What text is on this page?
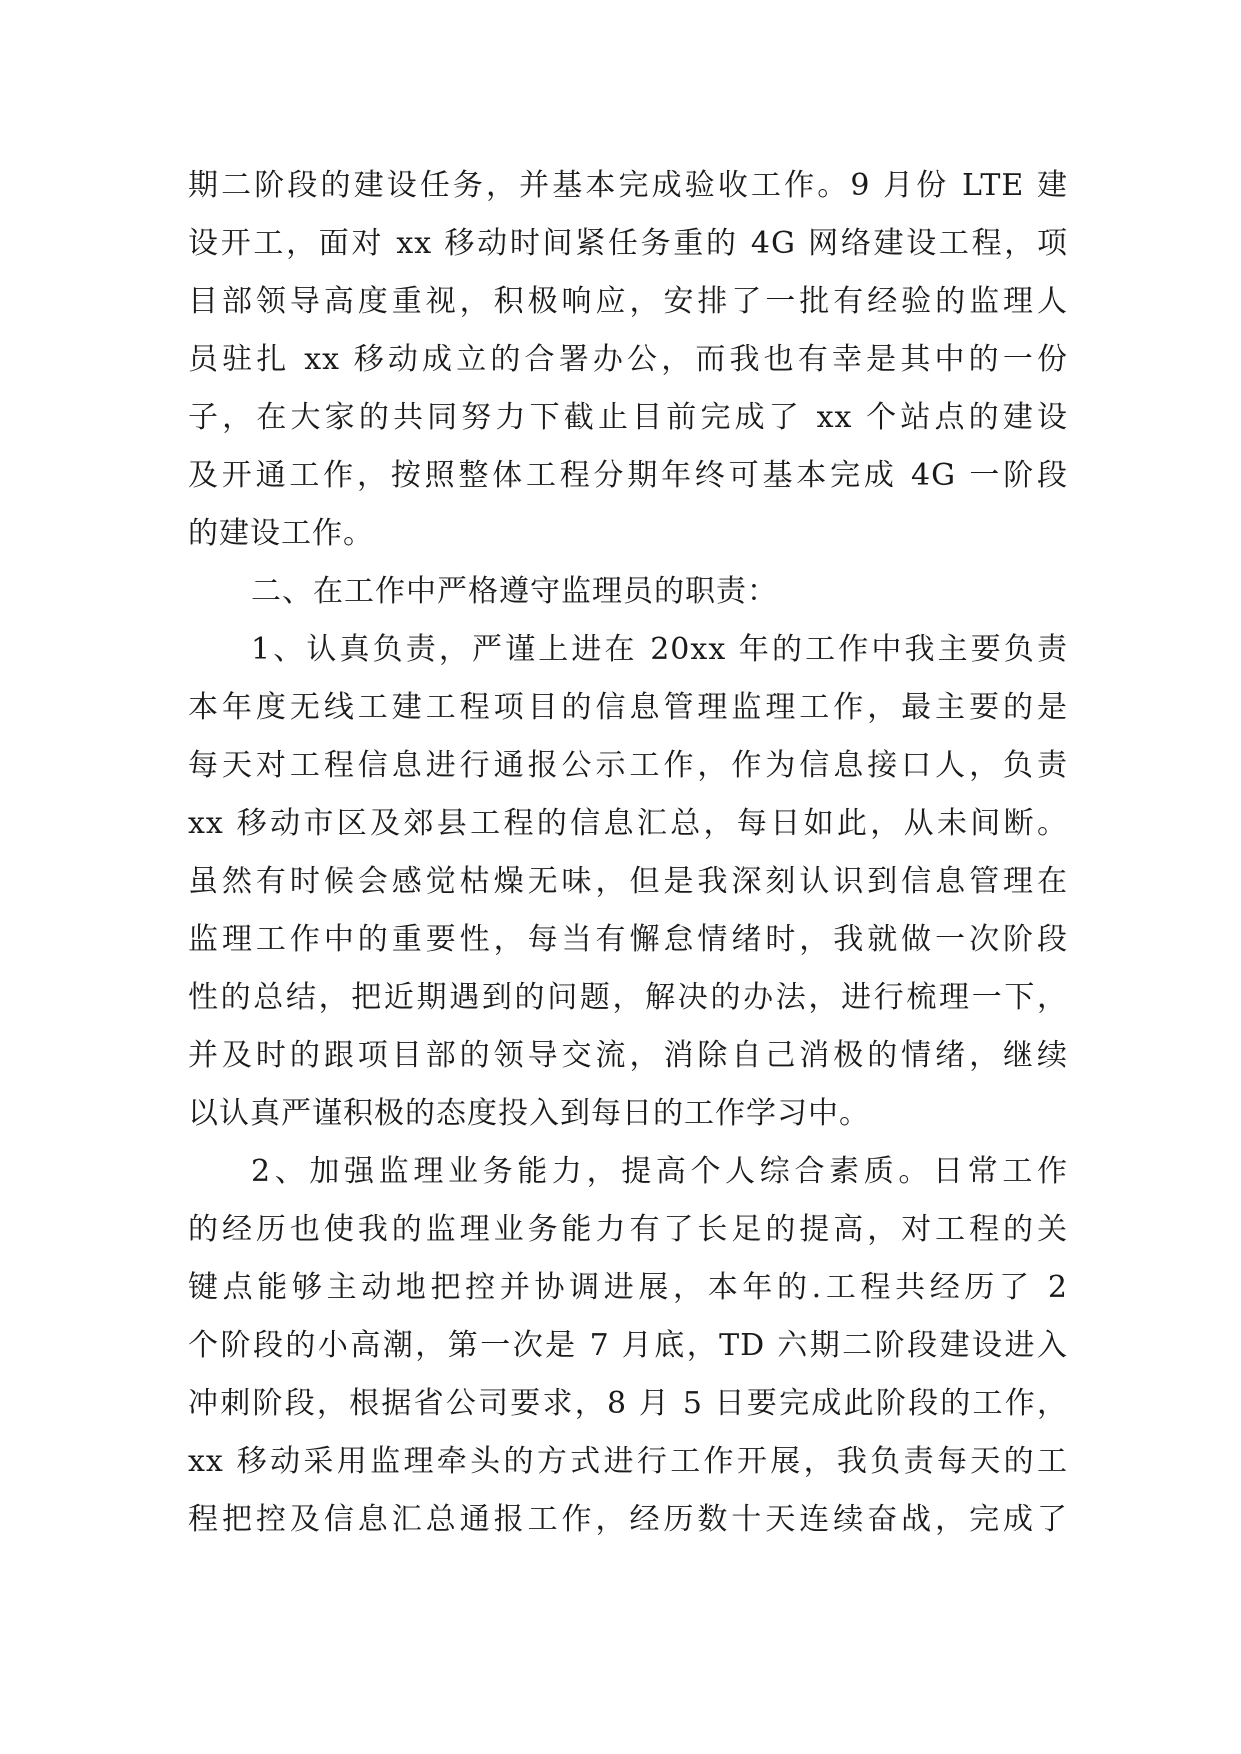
期二阶段的建设任务，并基本完成验收工作。9 月份 LTE 建
设开工，面对 xx 移动时间紧任务重的 4G 网络建设工程，项
目部领导高度重视，积极响应，安排了一批有经验的监理人
员驻扎 xx 移动成立的合署办公，而我也有幸是其中的一份
子，在大家的共同努力下截止目前完成了 xx 个站点的建设
及开通工作，按照整体工程分期年终可基本完成 4G 一阶段
的建设工作。
二、在工作中严格遵守监理员的职责：
1、认真负责，严谨上进在 20xx 年的工作中我主要负责
本年度无线工建工程项目的信息管理监理工作，最主要的是
每天对工程信息进行通报公示工作，作为信息接口人，负责
xx 移动市区及郊县工程的信息汇总，每日如此，从未间断。
虽然有时候会感觉枯燥无味，但是我深刻认识到信息管理在
监理工作中的重要性，每当有懈怠情绪时，我就做一次阶段
性的总结，把近期遇到的问题，解决的办法，进行梳理一下，
并及时的跟项目部的领导交流，消除自己消极的情绪，继续
以认真严谨积极的态度投入到每日的工作学习中。
2、加强监理业务能力，提高个人综合素质。日常工作
的经历也使我的监理业务能力有了长足的提高，对工程的关
键点能够主动地把控并协调进展，本年的.工程共经历了 2
个阶段的小高潮，第一次是 7 月底，TD 六期二阶段建设进入
冲刺阶段，根据省公司要求，8 月 5 日要完成此阶段的工作，
xx 移动采用监理牵头的方式进行工作开展，我负责每天的工
程把控及信息汇总通报工作，经历数十天连续奋战，完成了
